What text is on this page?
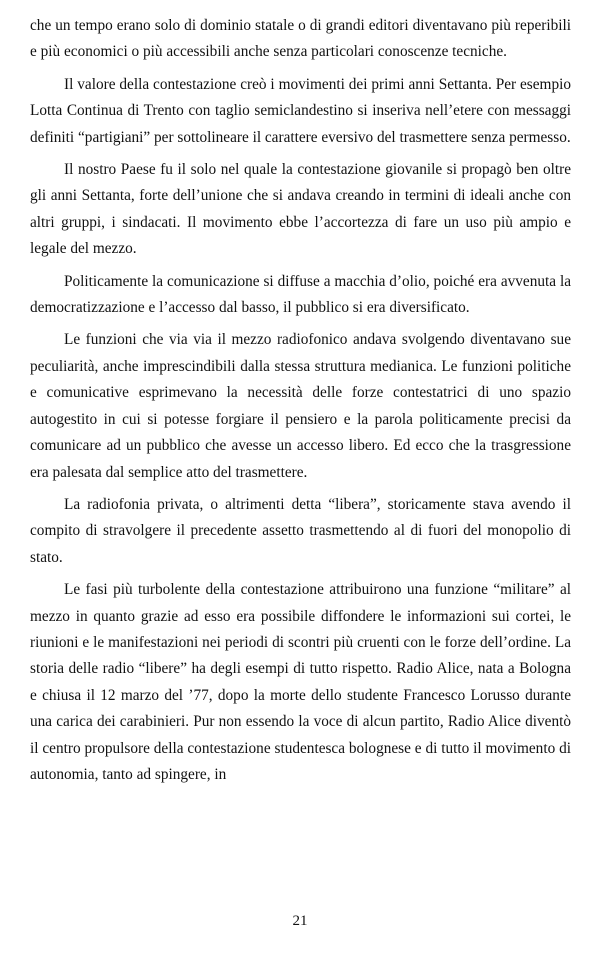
che un tempo erano solo di dominio statale o di grandi editori diventavano più reperibili e più economici o più accessibili anche senza particolari conoscenze tecniche.

Il valore della contestazione creò i movimenti dei primi anni Settanta. Per esempio Lotta Continua di Trento con taglio semiclandestino si inseriva nell’etere con messaggi definiti “partigiani” per sottolineare il carattere eversivo del trasmettere senza permesso.

Il nostro Paese fu il solo nel quale la contestazione giovanile si propagò ben oltre gli anni Settanta, forte dell’unione che si andava creando in termini di ideali anche con altri gruppi, i sindacati. Il movimento ebbe l’accortezza di fare un uso più ampio e legale del mezzo.

Politicamente la comunicazione si diffuse a macchia d’olio, poiché era avvenuta la democratizzazione e l’accesso dal basso, il pubblico si era diversificato.

Le funzioni che via via il mezzo radiofonico andava svolgendo diventavano sue peculiarità, anche imprescindibili dalla stessa struttura medianica. Le funzioni politiche e comunicative esprimevano la necessità delle forze contestatrici di uno spazio autogestito in cui si potesse forgiare il pensiero e la parola politicamente precisi da comunicare ad un pubblico che avesse un accesso libero. Ed ecco che la trasgressione era palesata dal semplice atto del trasmettere.

La radiofonia privata, o altrimenti detta “libera”, storicamente stava avendo il compito di stravolgere il precedente assetto trasmettendo al di fuori del monopolio di stato.

Le fasi più turbolente della contestazione attribuirono una funzione “militare” al mezzo in quanto grazie ad esso era possibile diffondere le informazioni sui cortei, le riunioni e le manifestazioni nei periodi di scontri più cruenti con le forze dell’ordine. La storia delle radio “libere” ha degli esempi di tutto rispetto. Radio Alice, nata a Bologna e chiusa il 12 marzo del ’77, dopo la morte dello studente Francesco Lorusso durante una carica dei carabinieri. Pur non essendo la voce di alcun partito, Radio Alice diventò il centro propulsore della contestazione studentesca bolognese e di tutto il movimento di autonomia, tanto ad spingere, in

21
